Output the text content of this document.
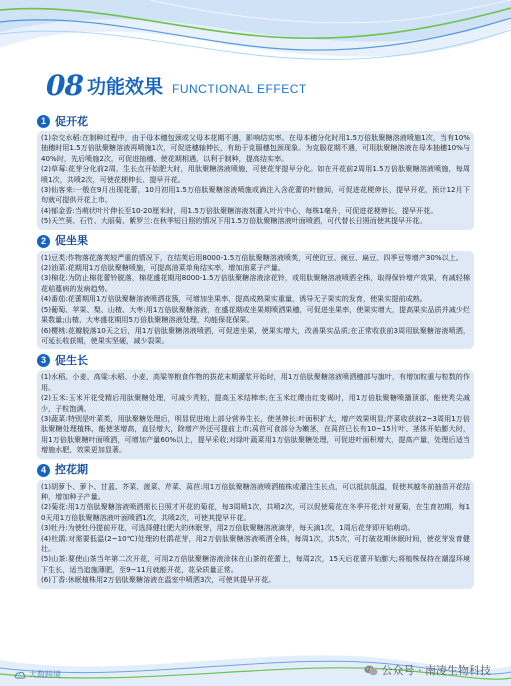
08 功能效果 FUNCTIONAL EFFECT
1 促开花
(1)杂交水稻:在制种过程中，由于母本穗包颈或父母本花期不遇，影响结实率。在母本穗分化时用1.5万倍肽聚糖溶液喷施1次，当有10%抽穗时用1.5万倍肽聚糖溶液再喷施1次，可促进穗轴伸长，有助于克服穗包颈现象。为克服花期不遇，可用肽聚糖溶液在母本抽穗10%与40%时，先后喷施2次，可促进抽穗、使花期相遇，以利于制种，提高结实率。
(2)草莓:花芽分化前2周，生长点开始肥大时，用肽聚糖溶液喷施，可使花芽提早分化。如在开花前2周用1.5万倍肽聚糖溶液喷施，每周喷1次，共喷2次，可使花梗伸长、提早开花。
(3)仙客来:一般在9月出现花蕾，10月初用1.5万倍肽聚糖溶液喷施或滴注入含花蕾的叶腋间，可促进花梗伸长，提早开花，预计12月下旬就可提供开花上市。
(4)郁金香:当萌状叶片伸长至10-20厘米时，用1.5万倍肽聚糖溶液剂灌入叶片中心，每株1毫升，可促进花梗伸长，提早开花。
(5)天竺葵、石竹、大丽菊、紫罗兰:在秋季短日照的情况下用1.5万倍肽聚糖溶液叶面喷洒，可代替长日照而使其提早开花。
2 促坐果
(1)豆类:作物落花落荚较严重的情况下，在结荚后用8000-1.5万倍肽聚糖溶液喷荚，可使豇豆、豌豆、扁豆、四季豆等增产30%以上。
(2)油菜:花期用1万倍肽聚糖喷施，可提高油菜单角结实率，增加油菜子产量。
(3)棉花:为防止棉花蕾铃脱落，棉花盛花期用8000-1.5万倍肽聚糖溶液涂花铃，或用肽聚糖溶液喷洒全株，取得保铃增产效果，有减轻棉花秸蔓病的发病趋势。
(4)番茄:花蕾期用1万倍肽聚糖溶液喷洒花簇，可增加坐果率，提高成熟果实重量，诱导无子果实的发育，使果实提前成熟。
(5)葡萄、苹果、梨、山楂、大枣:用1万倍肽聚糖溶液，在盛花期或坐果期喷洒果穗，可促进坐果率，使果实增大，提高果实品质并减少烂果数量;山楂、大枣盛花期用5万倍肽聚糖溶液处理，均能保花保果。
(6)樱桃:花瓣脱落10天之后，用1万倍肽聚糖溶液喷洒，可促进坐果，使果实增大，改善果实品质;在正常收获前3周用肽聚糖溶液喷洒，可延长收获期，使果实坚硬，减少裂果。
3 促生长
(1)水稻、小麦、高粱:水稻、小麦、高粱等粮食作物的拔花末期灌浆开始时，用1万倍肽聚糖溶液喷洒穗部与旗叶，有增加粒重与粒数的作用。
(2)玉米:玉米开花受精后用肽聚糖处理，可减少秃粒，提高玉米结棒率;在玉米红缨由红变褐时，用1万倍肽聚糖喷播顶部，能使秃尖减少，子粒饱满。
(3)蔬菜:特别是叶菜类，用肽聚糖处理后，明显促进地上部分营养生长，使茎伸长:叶面积扩大，增产效果明显;芹菜收获前2~3周用1万倍肽聚糖处理植株，能使茎增高，直径增大，除增产外还可提前上市;莴苣可食部分为嫩茎，在莴苣已长有10~15片叶、茎体开始膨大时，用1万倍肽聚糖叶面喷洒，可增加产量60%以上，提早采收;对绿叶蔬菜用1万倍肽聚糖处理，可促进叶面积增大，提高产量，处理后适当增施水肥，效果更加显著。
4 控花期
(1)胡萝卜、萝卜、甘蓝、芥菜、菠菜、芹菜、莴苣:用1万倍肽聚糖溶液喷洒植株或灌注生长点，可以抵抗低温，促使其越冬前抽苗开花结种，增加种子产量。
(2)菊花:用1万倍肽聚糖溶液喷洒需长日照才开花的菊花，每3周喷1次，共喷2次，可以促使菊花在冬季开花;针对夏菊，在生育初期，每10天用1万倍肽聚糖溶液叶面喷洒1次，共喷2次，可使其提早开花。
(3)牡丹:为使牡丹提前开花，可选择健壮肥大的休眠芽，用2万倍肽聚糖溶液滴芽，每天滴1次，1周后花芽即开始萌动。
(4)杜鹃:对需要低温(2~10℃)处理的杜鹃花芽，用2万倍肽聚糖溶液喷洒全株，每周1次，共5次，可打破花期休眠时间，使花芽发育健壮。
(5)山茶:要使山茶当年第二次开花，可用2万倍肽聚糖溶液涂抹在山茶的花蕾上，每周2次，15天后花蕾开始膨大;将植株保持在潮湿环境下生长，适当追施薄肥，至9~11月就能开花，花朵质量正常。
(6)丁香:休眠植株用2万倍肽聚糖溶液在温室中喷洒3次，可使其提早开花。
大数跨境	公众号 · 南凌生物科技
